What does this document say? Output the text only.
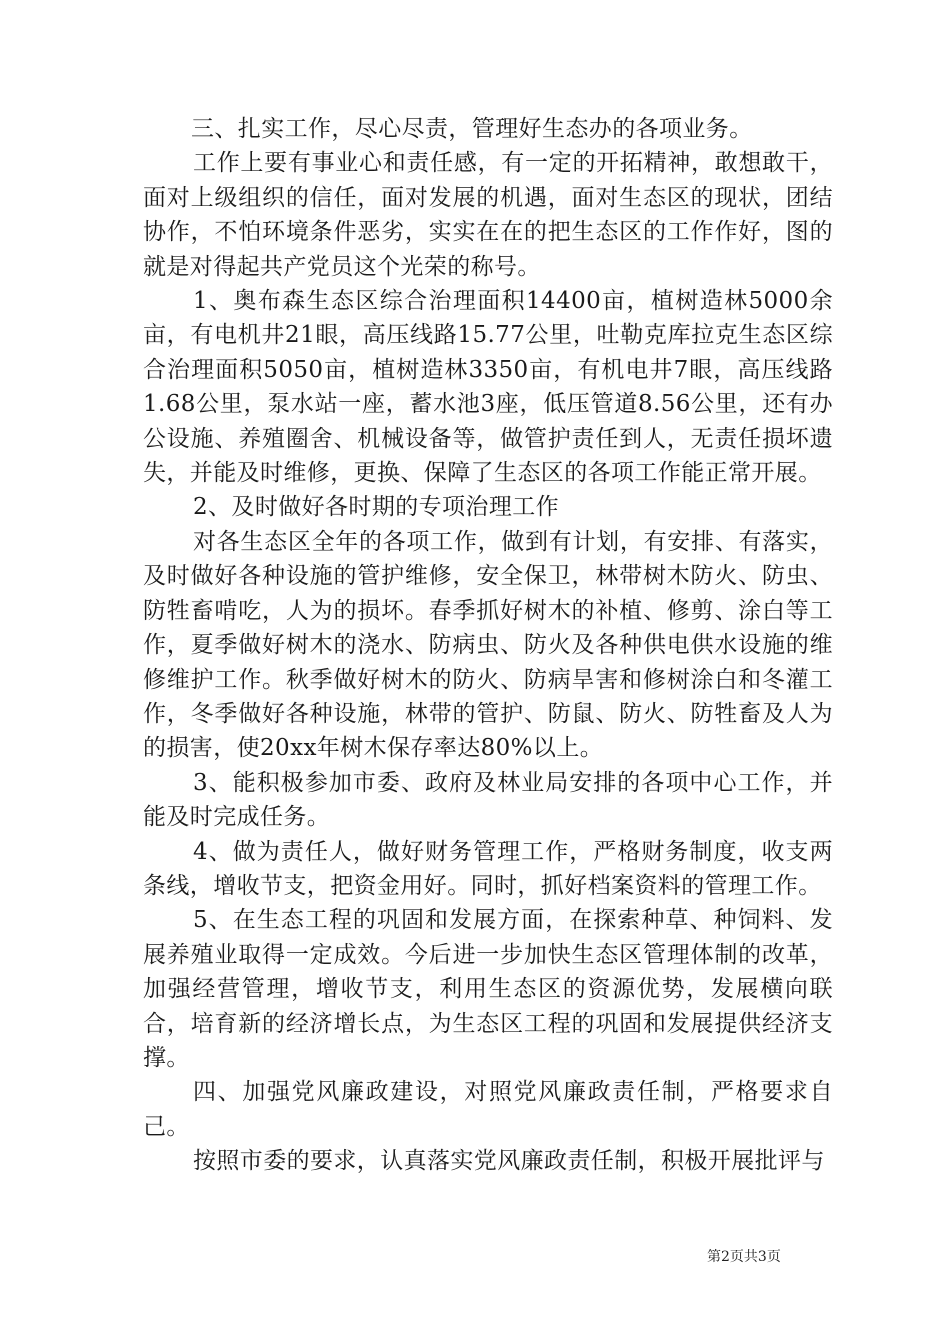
三、扎实工作，尽心尽责，管理好生态办的各项业务。

工作上要有事业心和责任感，有一定的开拓精神，敢想敢干，面对上级组织的信任，面对发展的机遇，面对生态区的现状，团结协作，不怕环境条件恶劣，实实在在的把生态区的工作作好，图的就是对得起共产党员这个光荣的称号。

1、奥布森生态区综合治理面积14400亩，植树造林5000余亩，有电机井21眼，高压线路15.77公里，吐勒克库拉克生态区综合治理面积5050亩，植树造林3350亩，有机电井7眼，高压线路1.68公里，泵水站一座，蓄水池3座，低压管道8.56公里，还有办公设施、养殖圈舍、机械设备等，做管护责任到人，无责任损坏遗失，并能及时维修，更换、保障了生态区的各项工作能正常开展。

2、及时做好各时期的专项治理工作

对各生态区全年的各项工作，做到有计划，有安排、有落实，及时做好各种设施的管护维修，安全保卫，林带树木防火、防虫、防牲畜啃吃，人为的损坏。春季抓好树木的补植、修剪、涂白等工作，夏季做好树木的浇水、防病虫、防火及各种供电供水设施的维修维护工作。秋季做好树木的防火、防病旱害和修树涂白和冬灌工作，冬季做好各种设施，林带的管护、防鼠、防火、防牲畜及人为的损害，使20xx年树木保存率达80%以上。

3、能积极参加市委、政府及林业局安排的各项中心工作，并能及时完成任务。

4、做为责任人，做好财务管理工作，严格财务制度，收支两条线，增收节支，把资金用好。同时，抓好档案资料的管理工作。

5、在生态工程的巩固和发展方面，在探索种草、种饲料、发展养殖业取得一定成效。今后进一步加快生态区管理体制的改革，加强经营管理，增收节支，利用生态区的资源优势，发展横向联合，培育新的经济增长点，为生态区工程的巩固和发展提供经济支撑。

四、加强党风廉政建设，对照党风廉政责任制，严格要求自己。

按照市委的要求，认真落实党风廉政责任制，积极开展批评与

第2页共3页
